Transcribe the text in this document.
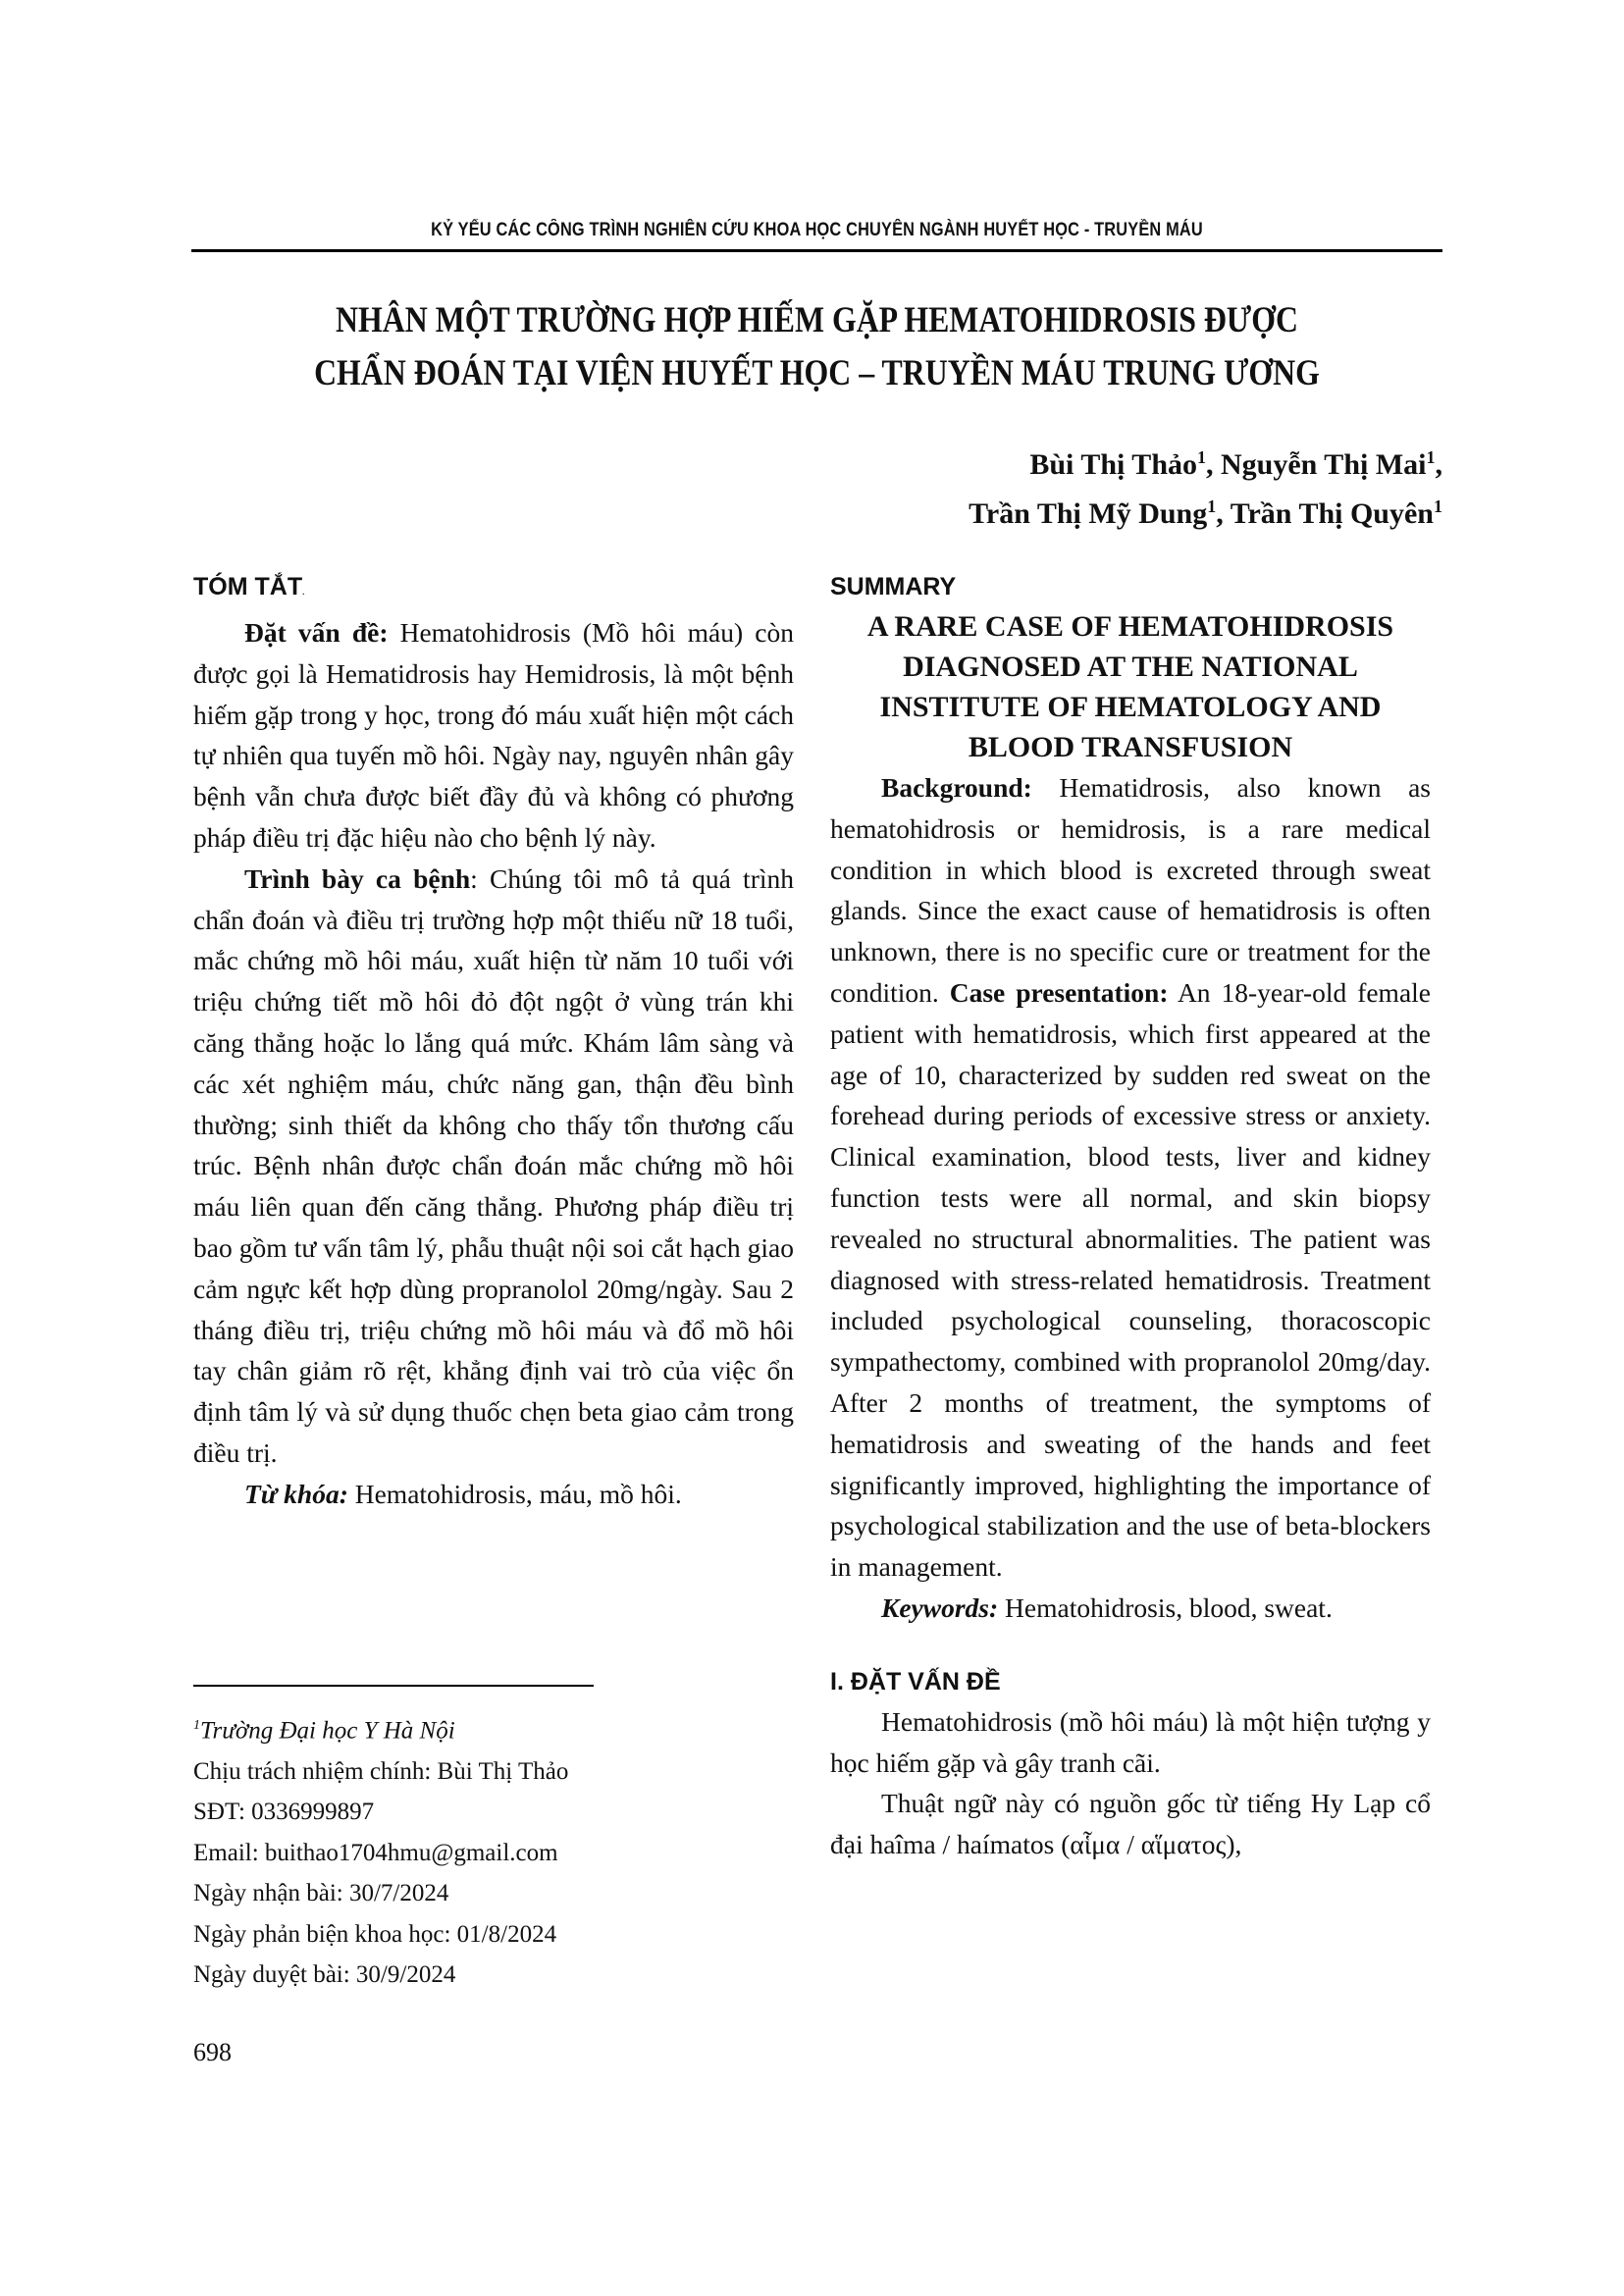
KỶ YẾU CÁC CÔNG TRÌNH NGHIÊN CỨU KHOA HỌC CHUYÊN NGÀNH HUYẾT HỌC - TRUYỀN MÁU
NHÂN MỘT TRƯỜNG HỢP HIẾM GẶP HEMATOHIDROSIS ĐƯỢC
CHẨN ĐOÁN TẠI VIỆN HUYẾT HỌC – TRUYỀN MÁU TRUNG ƯƠNG
Bùi Thị Thảo$^1$, Nguyễn Thị Mai$^1$,
Trần Thị Mỹ Dung$^1$, Trần Thị Quyên$^1$
TÓM TẮT.

Đặt vấn đề: Hematohidrosis (Mồ hôi máu) còn được gọi là Hematidrosis hay Hemidrosis, là một bệnh hiếm gặp trong y học, trong đó máu xuất hiện một cách tự nhiên qua tuyến mồ hôi. Ngày nay, nguyên nhân gây bệnh vẫn chưa được biết đầy đủ và không có phương pháp điều trị đặc hiệu nào cho bệnh lý này.

Trình bày ca bệnh: Chúng tôi mô tả quá trình chẩn đoán và điều trị trường hợp một thiếu nữ 18 tuổi, mắc chứng mồ hôi máu, xuất hiện từ năm 10 tuổi với triệu chứng tiết mồ hôi đỏ đột ngột ở vùng trán khi căng thẳng hoặc lo lắng quá mức. Khám lâm sàng và các xét nghiệm máu, chức năng gan, thận đều bình thường; sinh thiết da không cho thấy tổn thương cấu trúc. Bệnh nhân được chẩn đoán mắc chứng mồ hôi máu liên quan đến căng thẳng. Phương pháp điều trị bao gồm tư vấn tâm lý, phẫu thuật nội soi cắt hạch giao cảm ngực kết hợp dùng propranolol 20mg/ngày. Sau 2 tháng điều trị, triệu chứng mồ hôi máu và đổ mồ hôi tay chân giảm rõ rệt, khẳng định vai trò của việc ổn định tâm lý và sử dụng thuốc chẹn beta giao cảm trong điều trị.

Từ khóa: Hematohidrosis, máu, mồ hôi.

$^1$Trường Đại học Y Hà Nội
Chịu trách nhiệm chính: Bùi Thị Thảo
SĐT: 0336999897
Email: buithao1704hmu@gmail.com
Ngày nhận bài: 30/7/2024
Ngày phản biện khoa học: 01/8/2024
Ngày duyệt bài: 30/9/2024
SUMMARY
A RARE CASE OF HEMATOHIDROSIS DIAGNOSED AT THE NATIONAL INSTITUTE OF HEMATOLOGY AND BLOOD TRANSFUSION

Background: Hematidrosis, also known as hematohidrosis or hemidrosis, is a rare medical condition in which blood is excreted through sweat glands. Since the exact cause of hematidrosis is often unknown, there is no specific cure or treatment for the condition. Case presentation: An 18-year-old female patient with hematidrosis, which first appeared at the age of 10, characterized by sudden red sweat on the forehead during periods of excessive stress or anxiety. Clinical examination, blood tests, liver and kidney function tests were all normal, and skin biopsy revealed no structural abnormalities. The patient was diagnosed with stress-related hematidrosis. Treatment included psychological counseling, thoracoscopic sympathectomy, combined with propranolol 20mg/day. After 2 months of treatment, the symptoms of hematidrosis and sweating of the hands and feet significantly improved, highlighting the importance of psychological stabilization and the use of beta-blockers in management.

Keywords: Hematohidrosis, blood, sweat.

I. ĐẶT VẤN ĐỀ

Hematohidrosis (mồ hôi máu) là một hiện tượng y học hiếm gặp và gây tranh cãi.

Thuật ngữ này có nguồn gốc từ tiếng Hy Lạp cổ đại haîma / haímatos (αἷμα / αἵματος),

698
